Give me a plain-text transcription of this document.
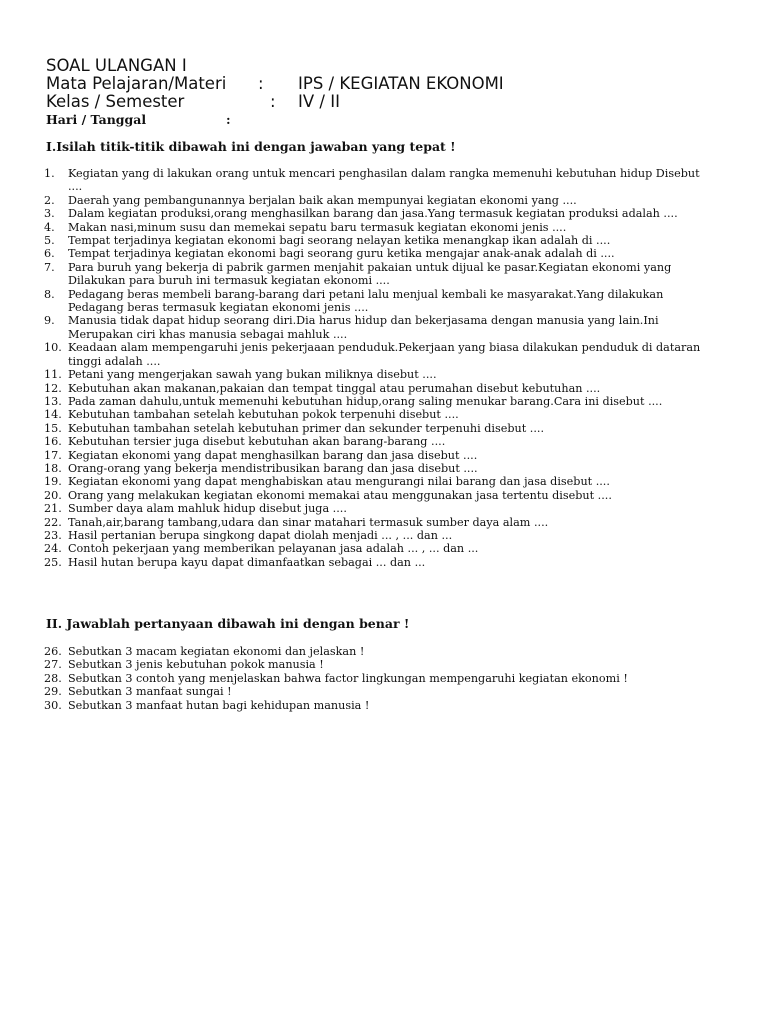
SOAL ULANGAN I
Mata Pelajaran/Materi : IPS / KEGIATAN EKONOMI
Kelas / Semester	: IV / II
Hari / Tanggal	:
I.Isilah titik-titik dibawah ini dengan jawaban yang tepat !
1.	Kegiatan yang di lakukan orang untuk mencari penghasilan dalam rangka memenuhi kebutuhan hidup Disebut ....
2.	Daerah yang pembangunannya berjalan baik akan mempunyai kegiatan ekonomi yang ....
3.	Dalam kegiatan produksi,orang menghasilkan barang dan jasa.Yang termasuk kegiatan produksi adalah ....
4.	Makan nasi,minum susu dan memekai sepatu baru termasuk kegiatan ekonomi jenis ....
5.	Tempat terjadinya kegiatan ekonomi bagi seorang nelayan ketika menangkap ikan adalah di ....
6.	Tempat terjadinya kegiatan ekonomi bagi seorang guru ketika mengajar anak-anak adalah di ....
7.	Para buruh yang bekerja di pabrik garmen menjahit pakaian untuk dijual ke pasar.Kegiatan ekonomi yang Dilakukan para buruh ini termasuk kegiatan ekonomi ....
8.	Pedagang beras membeli barang-barang dari petani lalu menjual kembali ke masyarakat.Yang dilakukan Pedagang beras termasuk kegiatan ekonomi jenis ....
9.	Manusia tidak dapat hidup seorang diri.Dia harus hidup dan bekerjasama dengan manusia yang lain.Ini Merupakan ciri khas manusia sebagai mahluk ....
10. Keadaan alam mempengaruhi jenis pekerjaaan penduduk.Pekerjaan yang biasa dilakukan penduduk di dataran tinggi adalah ....
11. Petani yang mengerjakan sawah yang bukan miliknya disebut ....
12. Kebutuhan akan makanan,pakaian dan tempat tinggal atau perumahan disebut kebutuhan ....
13. Pada zaman dahulu,untuk memenuhi kebutuhan hidup,orang saling menukar barang.Cara ini disebut ....
14. Kebutuhan tambahan setelah kebutuhan pokok terpenuhi disebut ....
15. Kebutuhan tambahan setelah kebutuhan primer dan sekunder terpenuhi disebut ....
16. Kebutuhan tersier juga disebut kebutuhan akan barang-barang ....
17. Kegiatan ekonomi yang dapat menghasilkan barang dan jasa disebut ....
18. Orang-orang yang bekerja mendistribusikan barang dan jasa disebut ....
19. Kegiatan ekonomi yang dapat menghabiskan atau mengurangi nilai barang dan jasa disebut ....
20. Orang yang melakukan kegiatan ekonomi memakai atau menggunakan jasa tertentu disebut ....
21. Sumber daya alam mahluk hidup disebut juga ....
22. Tanah,air,barang tambang,udara dan sinar matahari termasuk sumber daya alam ....
23. Hasil pertanian berupa singkong dapat diolah menjadi ... , ... dan ...
24. Contoh pekerjaan yang memberikan pelayanan jasa adalah ... , ... dan ...
25. Hasil hutan berupa kayu dapat dimanfaatkan sebagai ... dan ...
II. Jawablah pertanyaan dibawah ini dengan benar !
26. Sebutkan 3 macam kegiatan ekonomi dan jelaskan !
27. Sebutkan 3 jenis kebutuhan pokok manusia !
28. Sebutkan 3 contoh yang menjelaskan bahwa factor lingkungan mempengaruhi kegiatan ekonomi !
29. Sebutkan 3 manfaat sungai !
30. Sebutkan 3 manfaat hutan bagi kehidupan manusia !
